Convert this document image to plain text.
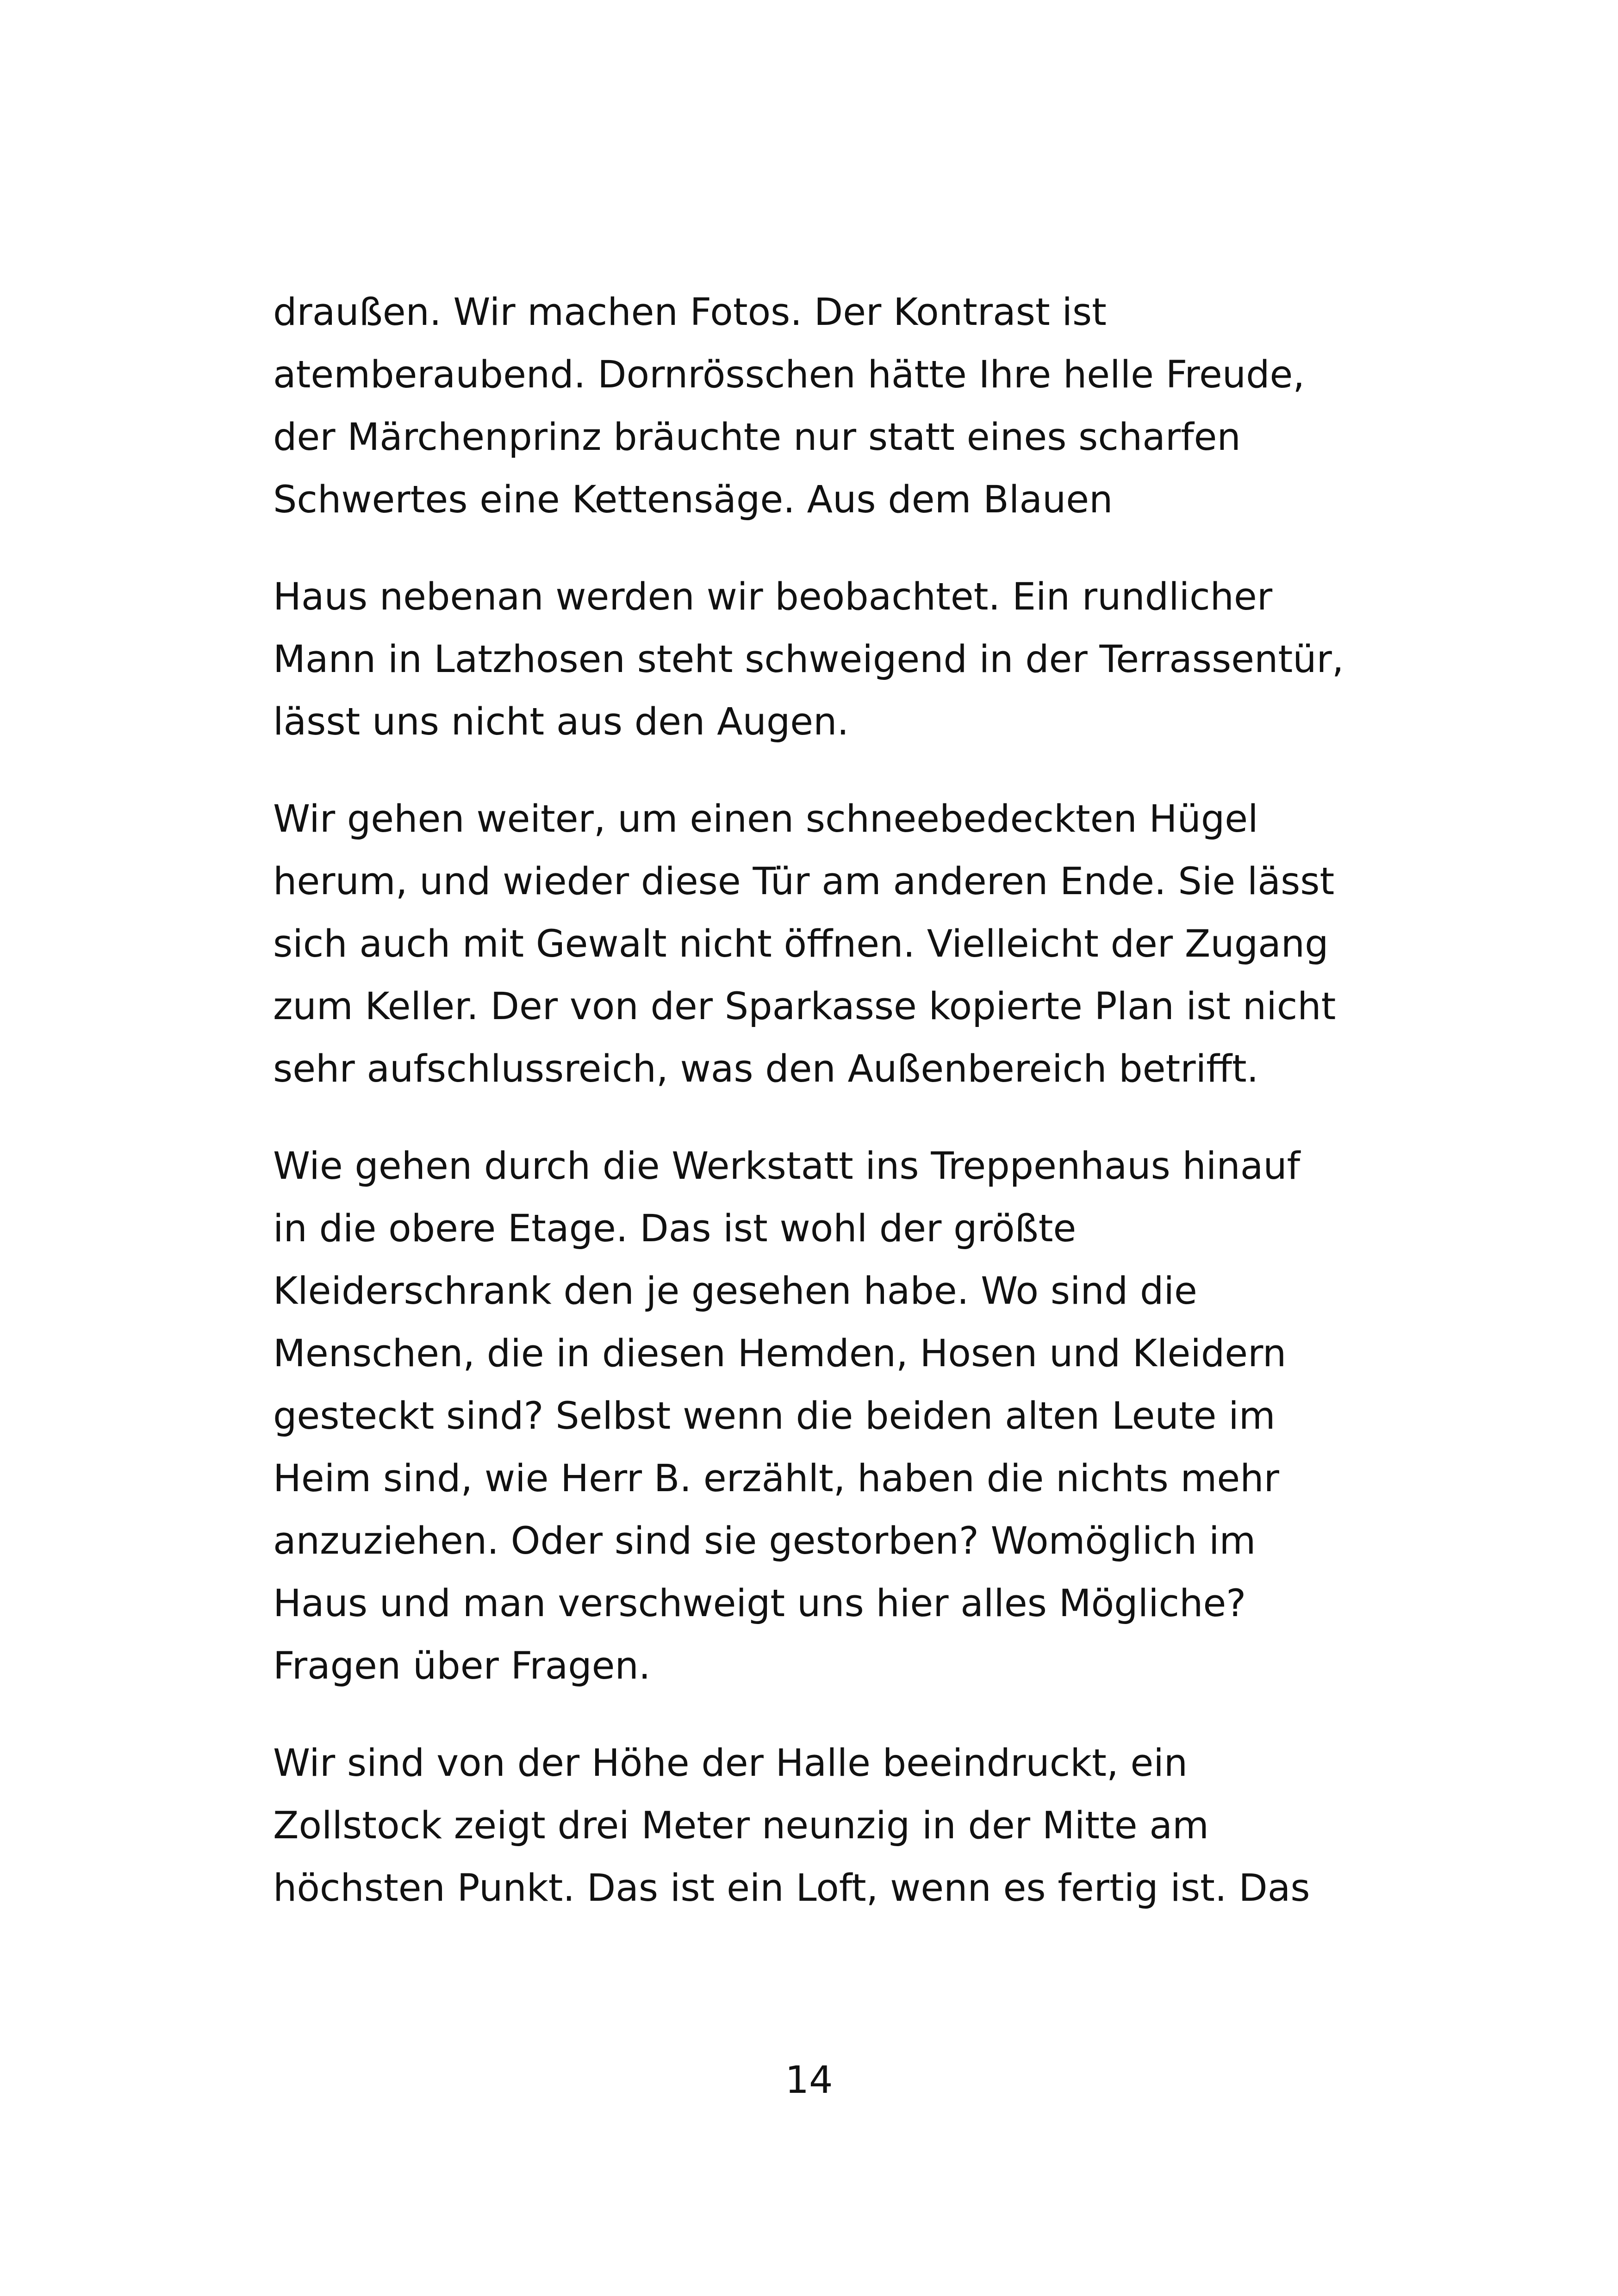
draußen. Wir machen Fotos. Der Kontrast ist

atemberaubend. Dornrösschen hätte Ihre helle Freude,

der Märchenprinz bräuchte nur statt eines scharfen

Schwertes eine Kettensäge. Aus dem Blauen

Haus nebenan werden wir beobachtet. Ein rundlicher

Mann in Latzhosen steht schweigend in der Terrassentür,

lässt uns nicht aus den Augen.

Wir gehen weiter, um einen schneebedeckten Hügel

herum, und wieder diese Tür am anderen Ende. Sie lässt

sich auch mit Gewalt nicht öffnen. Vielleicht der Zugang

zum Keller. Der von der Sparkasse kopierte Plan ist nicht

sehr aufschlussreich, was den Außenbereich betrifft.

Wie gehen durch die Werkstatt ins Treppenhaus hinauf

in die obere Etage. Das ist wohl der größte

Kleiderschrank den je gesehen habe. Wo sind die

Menschen, die in diesen Hemden, Hosen und Kleidern

gesteckt sind? Selbst wenn die beiden alten Leute im

Heim sind, wie Herr B. erzählt, haben die nichts mehr

anzuziehen. Oder sind sie gestorben? Womöglich im

Haus und man verschweigt uns hier alles Mögliche?

Fragen über Fragen.

Wir sind von der Höhe der Halle beeindruckt, ein

Zollstock zeigt drei Meter neunzig in der Mitte am

höchsten Punkt. Das ist ein Loft, wenn es fertig ist. Das

14
